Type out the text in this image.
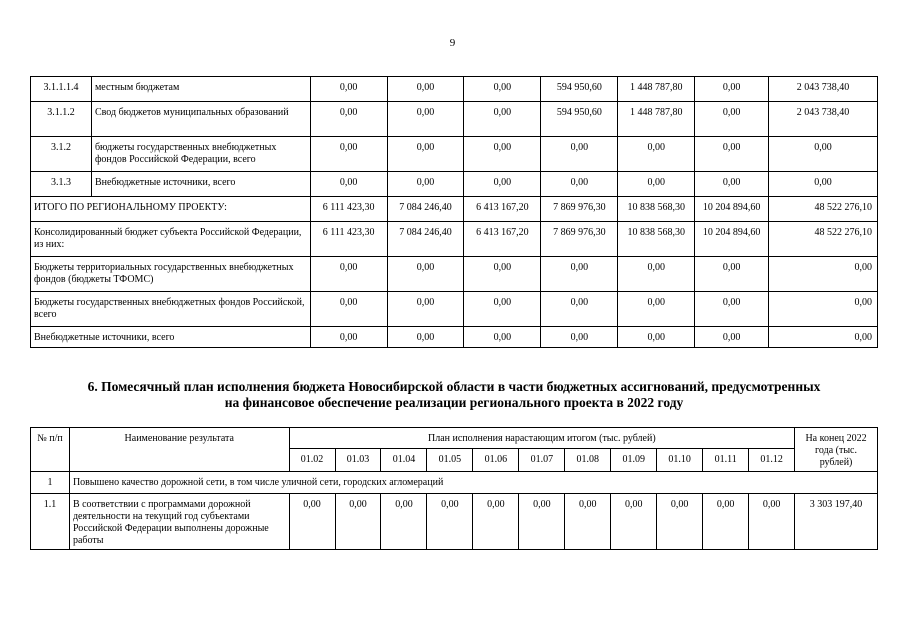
9
3.1.1.1.4	местным бюджетам	0,00	0,00	0,00	594 950,60	1 448 787,80	0,00	2 043 738,40
3.1.1.2	Свод бюджетов муниципальных образований	0,00	0,00	0,00	594 950,60	1 448 787,80	0,00	2 043 738,40
3.1.2	бюджеты государственных внебюджетных фондов Российской Федерации, всего	0,00	0,00	0,00	0,00	0,00	0,00	0,00
3.1.3	Внебюджетные источники, всего	0,00	0,00	0,00	0,00	0,00	0,00	0,00
ИТОГО ПО РЕГИОНАЛЬНОМУ ПРОЕКТУ:		6 111 423,30	7 084 246,40	6 413 167,20	7 869 976,30	10 838 568,30	10 204 894,60	48 522 276,10
Консолидированный бюджет субъекта Российской Федерации, из них:		6 111 423,30	7 084 246,40	6 413 167,20	7 869 976,30	10 838 568,30	10 204 894,60	48 522 276,10
Бюджеты территориальных государственных внебюджетных фондов (бюджеты ТФОМС)		0,00	0,00	0,00	0,00	0,00	0,00	0,00
Бюджеты государственных внебюджетных фондов Российской, всего		0,00	0,00	0,00	0,00	0,00	0,00	0,00
Внебюджетные источники, всего		0,00	0,00	0,00	0,00	0,00	0,00	0,00
6. Помесячный план исполнения бюджета Новосибирской области в части бюджетных ассигнований, предусмотренных
на финансовое обеспечение реализации регионального проекта в 2022 году
№ п/п	Наименование результата	План исполнения нарастающим итогом (тыс. рублей)											На конец 2022 года (тыс. рублей)
		01.02	01.03	01.04	01.05	01.06	01.07	01.08	01.09	01.10	01.11	01.12	
1	Повышено качество дорожной сети, в том числе уличной сети, городских агломераций												
1.1	В соответствии с программами дорожной деятельности на текущий год субъектами Российской Федерации выполнены дорожные работы	0,00	0,00	0,00	0,00	0,00	0,00	0,00	0,00	0,00	0,00	0,00	3 303 197,40
